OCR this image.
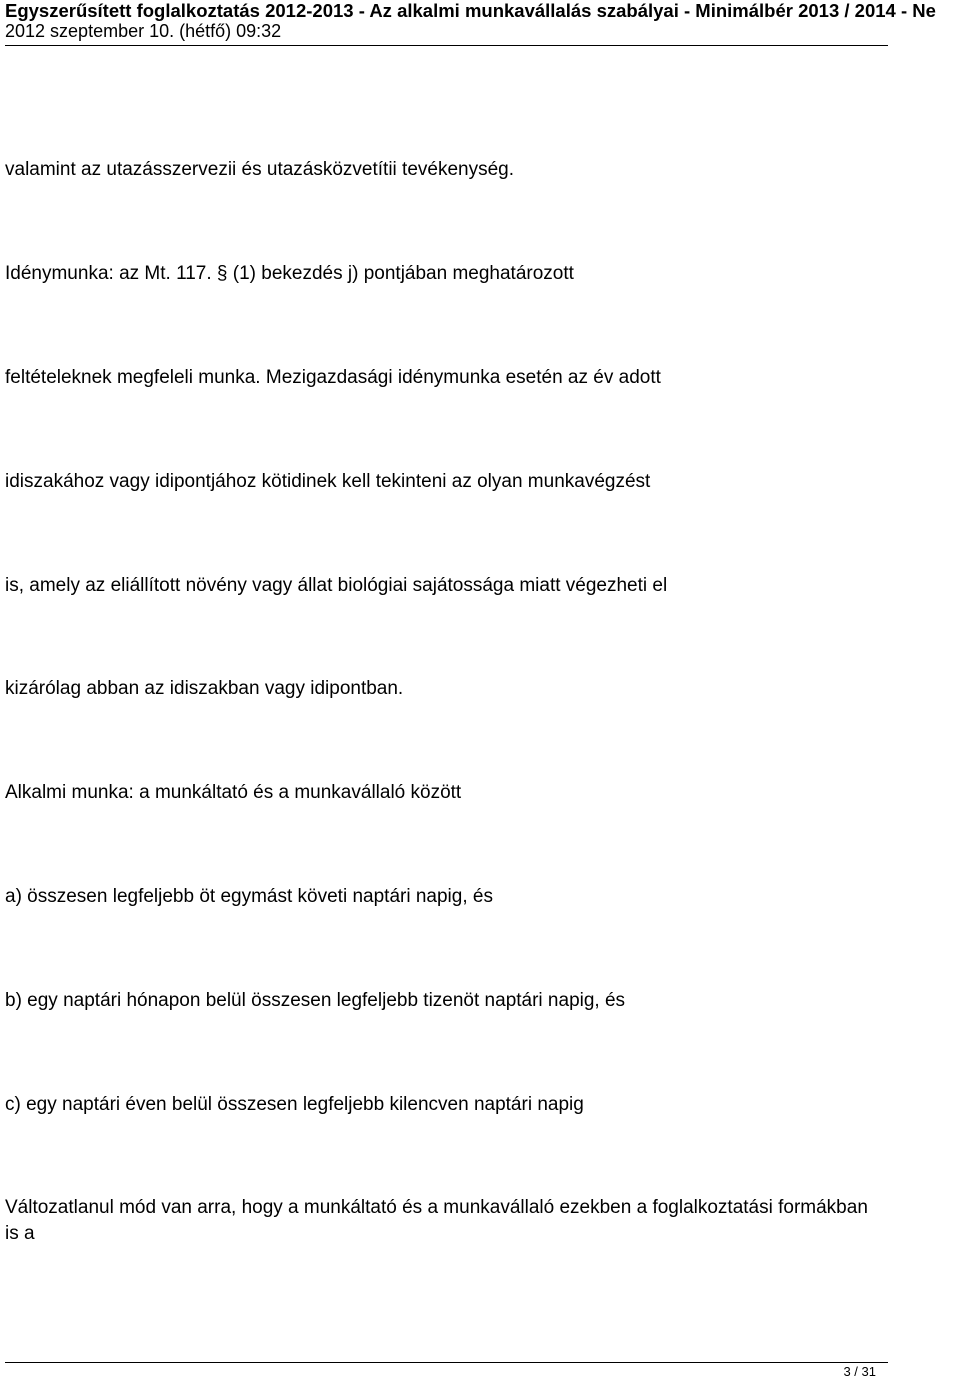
Egyszerűsített foglalkoztatás 2012-2013 - Az alkalmi munkavállalás szabályai - Minimálbér 2013 / 2014 - Ne
2012 szeptember 10. (hétfő) 09:32

valamint az utazásszervezii és utazásközvetítii tevékenység.

Idénymunka: az Mt. 117. § (1) bekezdés j) pontjában meghatározott

feltételeknek megfeleli munka. Mezigazdasági idénymunka esetén az év adott

idiszakához vagy idipontjához kötidinek kell tekinteni az olyan munkavégzést

is, amely az eliállított növény vagy állat biológiai sajátossága miatt végezheti el

kizárólag abban az idiszakban vagy idipontban.

Alkalmi munka: a munkáltató és a munkavállaló között

a) összesen legfeljebb öt egymást követi naptári napig, és

b) egy naptári hónapon belül összesen legfeljebb tizenöt naptári napig, és

c) egy naptári éven belül összesen legfeljebb kilencven naptári napig

Változatlanul mód van arra, hogy a munkáltató és a munkavállaló ezekben a foglalkoztatási formákban is a

3 / 31
